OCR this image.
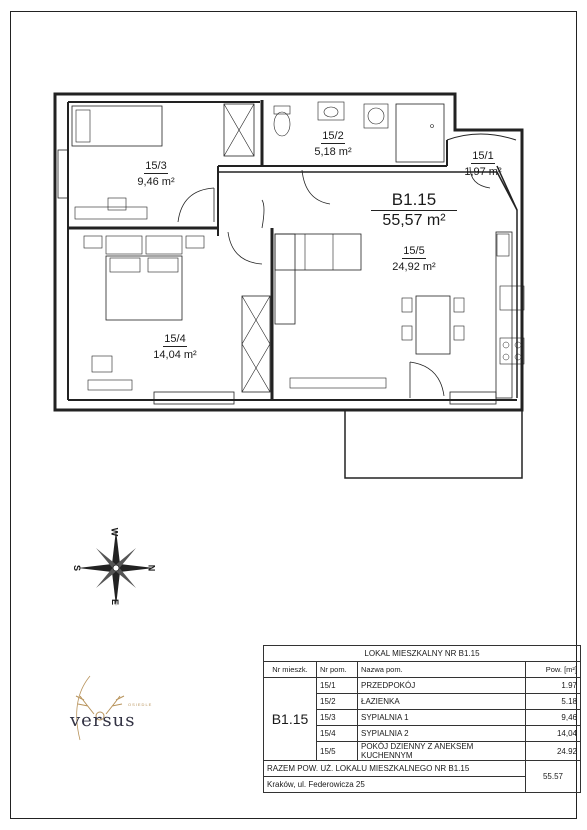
15/3
9,46 m²
15/2
5,18 m²	15/1
1,97 m²
15/4
14,04 m²
15/5
24,92 m²
B1.15
55,57 m²
W
E
S	N
OSIEDLE
versus
LOKAL MIESZKALNY NR B1.15			
Nr mieszk.	Nr pom.	Nazwa pom.	Pow. [m²]
B1.15	15/1	PRZEDPOKÓJ	1.97
	15/2	ŁAZIENKA	5.18
	15/3	SYPIALNIA 1	9,46
	15/4	SYPIALNIA 2	14,04
	15/5	POKÓJ DZIENNY Z ANEKSEM KUCHENNYM	24.92
RAZEM POW. UŻ. LOKALU MIESZKALNEGO NR B1.15			55.57
Kraków, ul. Federowicza 25			
